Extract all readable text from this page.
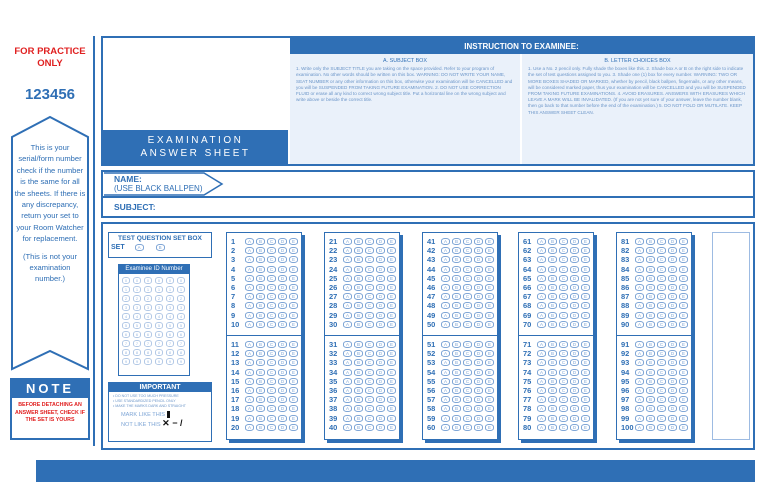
FOR PRACTICE
ONLY
123456
This is your serial/form number check if the number is the same for all the sheets. If there is any discrepancy, return your set to your Room Watcher for replacement.
(This is not your examination number.)
NOTE
BEFORE DETACHING AN ANSWER SHEET, CHECK IF THE SET IS YOURS
EXAMINATION
ANSWER SHEET
INSTRUCTION TO EXAMINEE:
A. SUBJECT BOX
1. Write only the SUBJECT TITLE you are taking on the space provided. Refer to your program of examination. No other words should be written on this box. WARNING: DO NOT WRITE YOUR NAME, SEAT NUMBER or any other information on this box, otherwise your examination will be CANCELLED and you will be SUSPENDED FROM TAKING FUTURE EXAMINATION. 2. DO NOT USE CORRECTION FLUID or erase all any kind to correct wrong subject title. Put a horizontal line on the wrong subject and write above or beside the correct title.
B. LETTER CHOICES BOX
1. Use a No. 2 pencil only. Fully shade the boxes like this. 2. Shade box A or B on the right side to indicate the set of test questions assigned to you. 3. Shade one (1) box for every number. WARNING: TWO OR MORE BOXES SHADED OR MARKED, whether by pencil, black ballpen, fingernails, or any other means, will be considered marked paper, thus your examination will be CANCELLED and you will be SUSPENDED FROM TAKING FUTURE EXAMINATIONS. 4. AVOID ERASURES. ANSWERS WITH ERASURES WHICH LEAVE A MARK WILL BE INVALIDATED. (If you are not yet sure of your answer, leave the number blank, then go back to that number before the end of the examination.) 5. DO NOT FOLD OR MUTILATE. KEEP THIS ANSWER SHEET CLEAN.
NAME:
(USE BLACK BALLPEN)
SUBJECT:
TEST QUESTION SET BOX
SET	A	B
Examinee ID Number
0	0	0	0	0	0
1	1	1	1	1	1
2	2	2	2	2	2
3	3	3	3	3	3
4	4	4	4	4	4
5	5	5	5	5	5
6	6	6	6	6	6
7	7	7	7	7	7
8	8	8	8	8	8
9	9	9	9	9	9
IMPORTANT
• DO NOT USE TOO MUCH PRESSURE
• USE STANDARDIZED PENCIL ONLY
• MAKE THE MARKS DARK AND STRAIGHT
MARK LIKE THIS
NOT LIKE THIS ✕ − /
1	A	B	C	D	E
2	A	B	C	D	E
3	A	B	C	D	E
4	A	B	C	D	E
5	A	B	C	D	E
6	A	B	C	D	E
7	A	B	C	D	E
8	A	B	C	D	E
9	A	B	C	D	E
10	A	B	C	D	E
11	A	B	C	D	E
12	A	B	C	D	E
13	A	B	C	D	E
14	A	B	C	D	E
15	A	B	C	D	E
16	A	B	C	D	E
17	A	B	C	D	E
18	A	B	C	D	E
19	A	B	C	D	E
20	A	B	C	D	E
21	A	B	C	D	E
22	A	B	C	D	E
23	A	B	C	D	E
24	A	B	C	D	E
25	A	B	C	D	E
26	A	B	C	D	E
27	A	B	C	D	E
28	A	B	C	D	E
29	A	B	C	D	E
30	A	B	C	D	E
31	A	B	C	D	E
32	A	B	C	D	E
33	A	B	C	D	E
34	A	B	C	D	E
35	A	B	C	D	E
36	A	B	C	D	E
37	A	B	C	D	E
38	A	B	C	D	E
39	A	B	C	D	E
40	A	B	C	D	E
41	A	B	C	D	E
42	A	B	C	D	E
43	A	B	C	D	E
44	A	B	C	D	E
45	A	B	C	D	E
46	A	B	C	D	E
47	A	B	C	D	E
48	A	B	C	D	E
49	A	B	C	D	E
50	A	B	C	D	E
51	A	B	C	D	E
52	A	B	C	D	E
53	A	B	C	D	E
54	A	B	C	D	E
55	A	B	C	D	E
56	A	B	C	D	E
57	A	B	C	D	E
58	A	B	C	D	E
59	A	B	C	D	E
60	A	B	C	D	E
61	A	B	C	D	E
62	A	B	C	D	E
63	A	B	C	D	E
64	A	B	C	D	E
65	A	B	C	D	E
66	A	B	C	D	E
67	A	B	C	D	E
68	A	B	C	D	E
69	A	B	C	D	E
70	A	B	C	D	E
71	A	B	C	D	E
72	A	B	C	D	E
73	A	B	C	D	E
74	A	B	C	D	E
75	A	B	C	D	E
76	A	B	C	D	E
77	A	B	C	D	E
78	A	B	C	D	E
79	A	B	C	D	E
80	A	B	C	D	E
81	A	B	C	D	E
82	A	B	C	D	E
83	A	B	C	D	E
84	A	B	C	D	E
85	A	B	C	D	E
86	A	B	C	D	E
87	A	B	C	D	E
88	A	B	C	D	E
89	A	B	C	D	E
90	A	B	C	D	E
91	A	B	C	D	E
92	A	B	C	D	E
93	A	B	C	D	E
94	A	B	C	D	E
95	A	B	C	D	E
96	A	B	C	D	E
97	A	B	C	D	E
98	A	B	C	D	E
99	A	B	C	D	E
100 A	B	C	D	E
